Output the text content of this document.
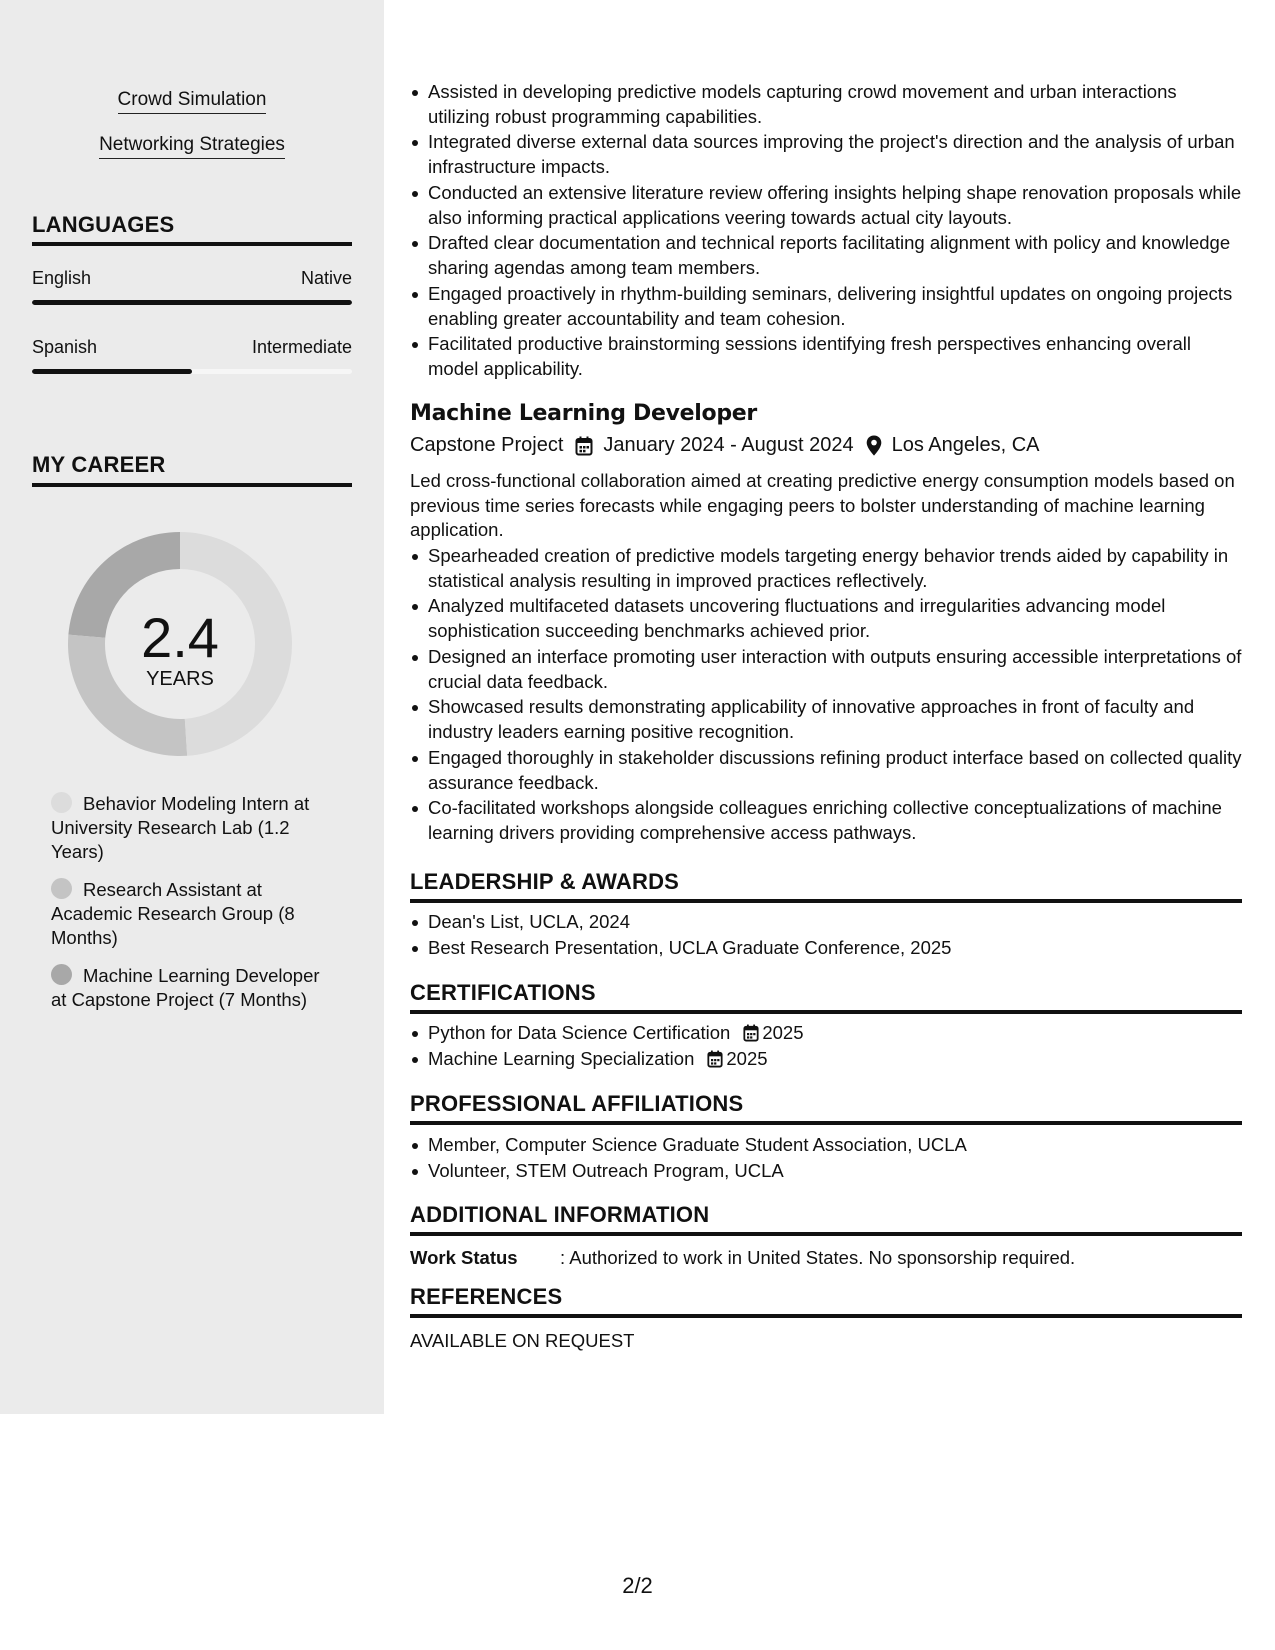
Crowd Simulation
Networking Strategies
LANGUAGES
English	Native
Spanish	Intermediate
MY CAREER
2.4
YEARS
Behavior Modeling Intern at University Research Lab (1.2 Years)
Research Assistant at Academic Research Group (8 Months)
Machine Learning Developer at Capstone Project (7 Months)
Assisted in developing predictive models capturing crowd movement and urban interactions utilizing robust programming capabilities.
Integrated diverse external data sources improving the project's direction and the analysis of urban infrastructure impacts.
Conducted an extensive literature review offering insights helping shape renovation proposals while also informing practical applications veering towards actual city layouts.
Drafted clear documentation and technical reports facilitating alignment with policy and knowledge sharing agendas among team members.
Engaged proactively in rhythm-building seminars, delivering insightful updates on ongoing projects enabling greater accountability and team cohesion.
Facilitated productive brainstorming sessions identifying fresh perspectives enhancing overall model applicability.
Machine Learning Developer
Capstone Project January 2024 - August 2024 Los Angeles, CA
Led cross-functional collaboration aimed at creating predictive energy consumption models based on previous time series forecasts while engaging peers to bolster understanding of machine learning application.
Spearheaded creation of predictive models targeting energy behavior trends aided by capability in statistical analysis resulting in improved practices reflectively.
Analyzed multifaceted datasets uncovering fluctuations and irregularities advancing model sophistication succeeding benchmarks achieved prior.
Designed an interface promoting user interaction with outputs ensuring accessible interpretations of crucial data feedback.
Showcased results demonstrating applicability of innovative approaches in front of faculty and industry leaders earning positive recognition.
Engaged thoroughly in stakeholder discussions refining product interface based on collected quality assurance feedback.
Co-facilitated workshops alongside colleagues enriching collective conceptualizations of machine learning drivers providing comprehensive access pathways.
LEADERSHIP & AWARDS
Dean's List, UCLA, 2024
Best Research Presentation, UCLA Graduate Conference, 2025
CERTIFICATIONS
Python for Data Science Certification 2025
Machine Learning Specialization 2025
PROFESSIONAL AFFILIATIONS
Member, Computer Science Graduate Student Association, UCLA
Volunteer, STEM Outreach Program, UCLA
ADDITIONAL INFORMATION
Work Status	: Authorized to work in United States. No sponsorship required.
REFERENCES
AVAILABLE ON REQUEST
2/2
